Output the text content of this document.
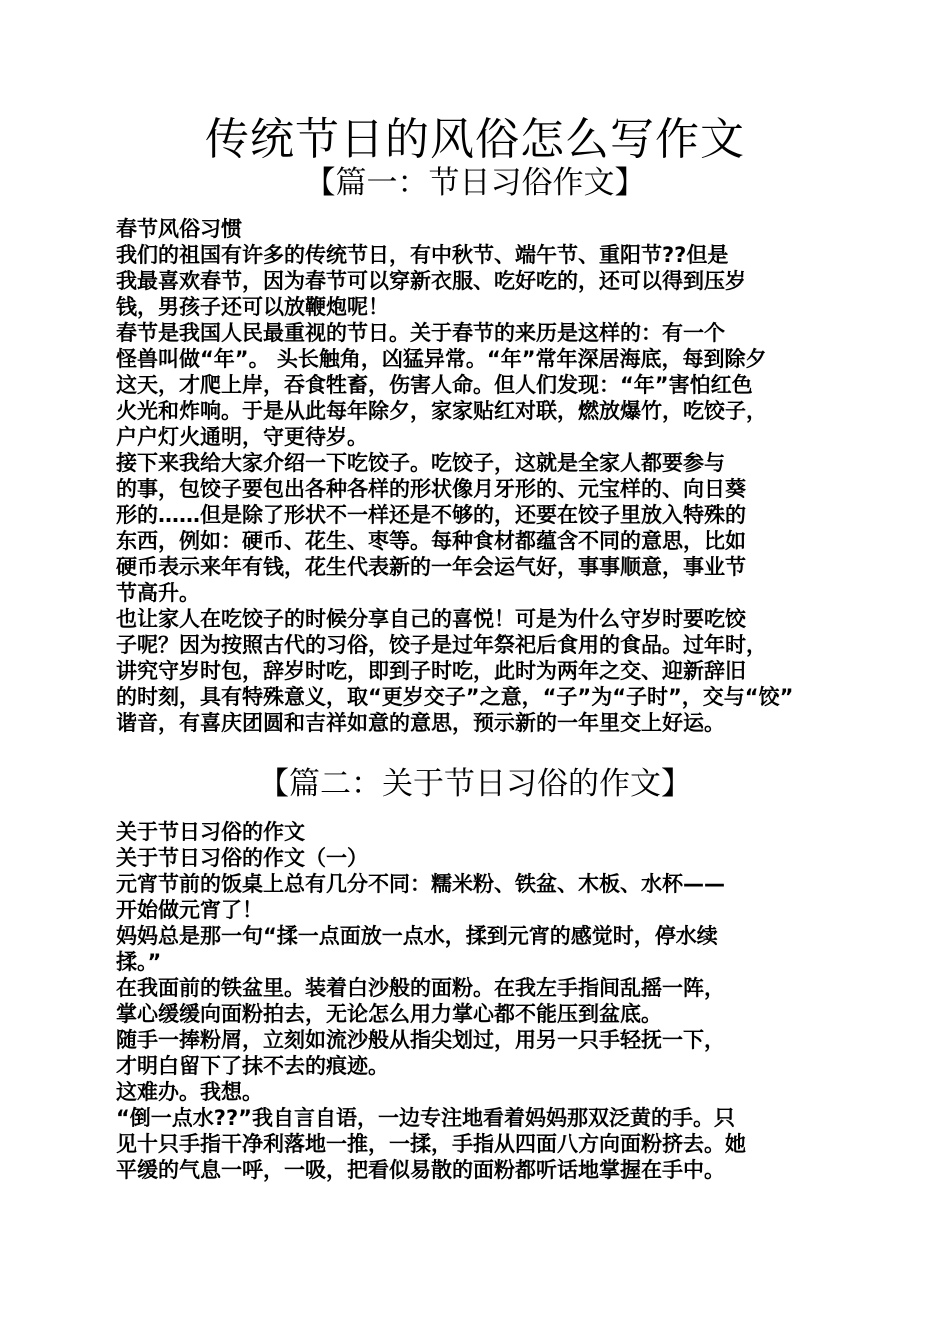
传统节日的风俗怎么写作文
【篇一：节日习俗作文】
春节风俗习惯
我们的祖国有许多的传统节日，有中秋节、端午节、重阳节??但是
我最喜欢春节，因为春节可以穿新衣服、吃好吃的，还可以得到压岁
钱，男孩子还可以放鞭炮呢！
春节是我国人民最重视的节日。关于春节的来历是这样的：有一个
怪兽叫做“年”。 头长触角，凶猛异常。“年”常年深居海底，每到除夕
这天，才爬上岸，吞食牲畜，伤害人命。但人们发现：“年”害怕红色
火光和炸响。于是从此每年除夕，家家贴红对联，燃放爆竹，吃饺子，
户户灯火通明，守更待岁。
接下来我给大家介绍一下吃饺子。吃饺子，这就是全家人都要参与
的事，包饺子要包出各种各样的形状像月牙形的、元宝样的、向日葵
形的……但是除了形状不一样还是不够的，还要在饺子里放入特殊的
东西，例如：硬币、花生、枣等。每种食材都蕴含不同的意思，比如
硬币表示来年有钱，花生代表新的一年会运气好，事事顺意，事业节
节高升。
也让家人在吃饺子的时候分享自己的喜悦！可是为什么守岁时要吃饺
子呢？因为按照古代的习俗，饺子是过年祭祀后食用的食品。过年时，
讲究守岁时包，辞岁时吃，即到子时吃，此时为两年之交、迎新辞旧
的时刻，具有特殊意义，取“更岁交子”之意，“子”为“子时”，交与“饺”
谐音，有喜庆团圆和吉祥如意的意思，预示新的一年里交上好运。
【篇二：关于节日习俗的作文】
关于节日习俗的作文
关于节日习俗的作文（一）
元宵节前的饭桌上总有几分不同：糯米粉、铁盆、木板、水杯——
开始做元宵了！
妈妈总是那一句“揉一点面放一点水，揉到元宵的感觉时，停水续
揉。”
在我面前的铁盆里。装着白沙般的面粉。在我左手指间乱摇一阵，
掌心缓缓向面粉拍去，无论怎么用力掌心都不能压到盆底。
随手一捧粉屑，立刻如流沙般从指尖划过，用另一只手轻抚一下，
才明白留下了抹不去的痕迹。
这难办。我想。
“倒一点水??”我自言自语，一边专注地看着妈妈那双泛黄的手。只
见十只手指干净利落地一推，一揉，手指从四面八方向面粉挤去。她
平缓的气息一呼，一吸，把看似易散的面粉都听话地掌握在手中。
